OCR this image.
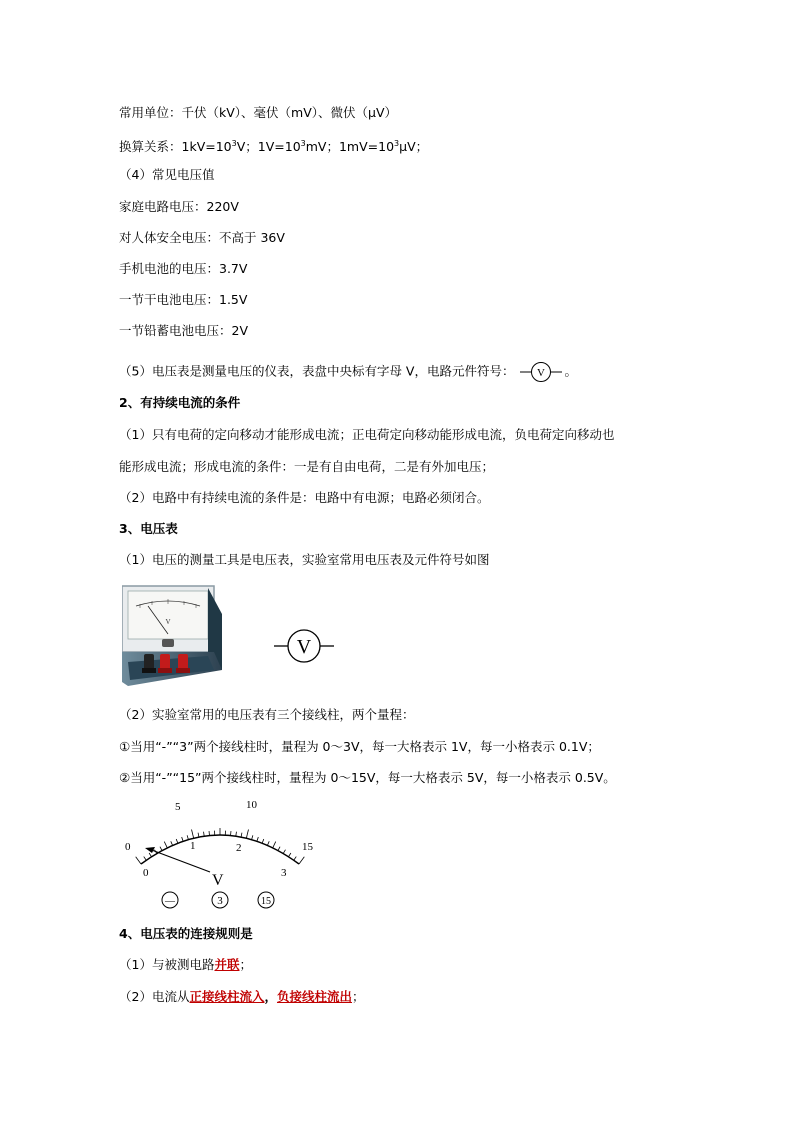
常用单位：千伏（kV）、毫伏（mV）、微伏（μV）
换算关系：$1kV=10^3V$；$1V=10^3mV$；$1mV=10^3\mu V$；
（4）常见电压值
家庭电路电压：220V
对人体安全电压：不高于 36V
手机电池的电压：3.7V
一节干电池电压：1.5V
一节铅蓄电池电压：2V
（5）电压表是测量电压的仪表，表盘中央标有字母 V，电路元件符号： V 。
2、有持续电流的条件
（1）只有电荷的定向移动才能形成电流；正电荷定向移动能形成电流，负电荷定向移动也
能形成电流；形成电流的条件：一是有自由电荷，二是有外加电压；
（2）电路中有持续电流的条件是：电路中有电源；电路必须闭合。
3、电压表
（1）电压的测量工具是电压表，实验室常用电压表及元件符号如图
V
V
（2）实验室常用的电压表有三个接线柱，两个量程：
①当用“-”“3”两个接线柱时，量程为 0～3V，每一大格表示 1V，每一小格表示 0.1V；
②当用“-”“15”两个接线柱时，量程为 0～15V，每一大格表示 5V，每一小格表示 0.5V。
0
5	10
15
0
1	2
3
V
—	3	15
4、电压表的连接规则是
（1）与被测电路并联；
（2）电流从正接线柱流入，负接线柱流出；
